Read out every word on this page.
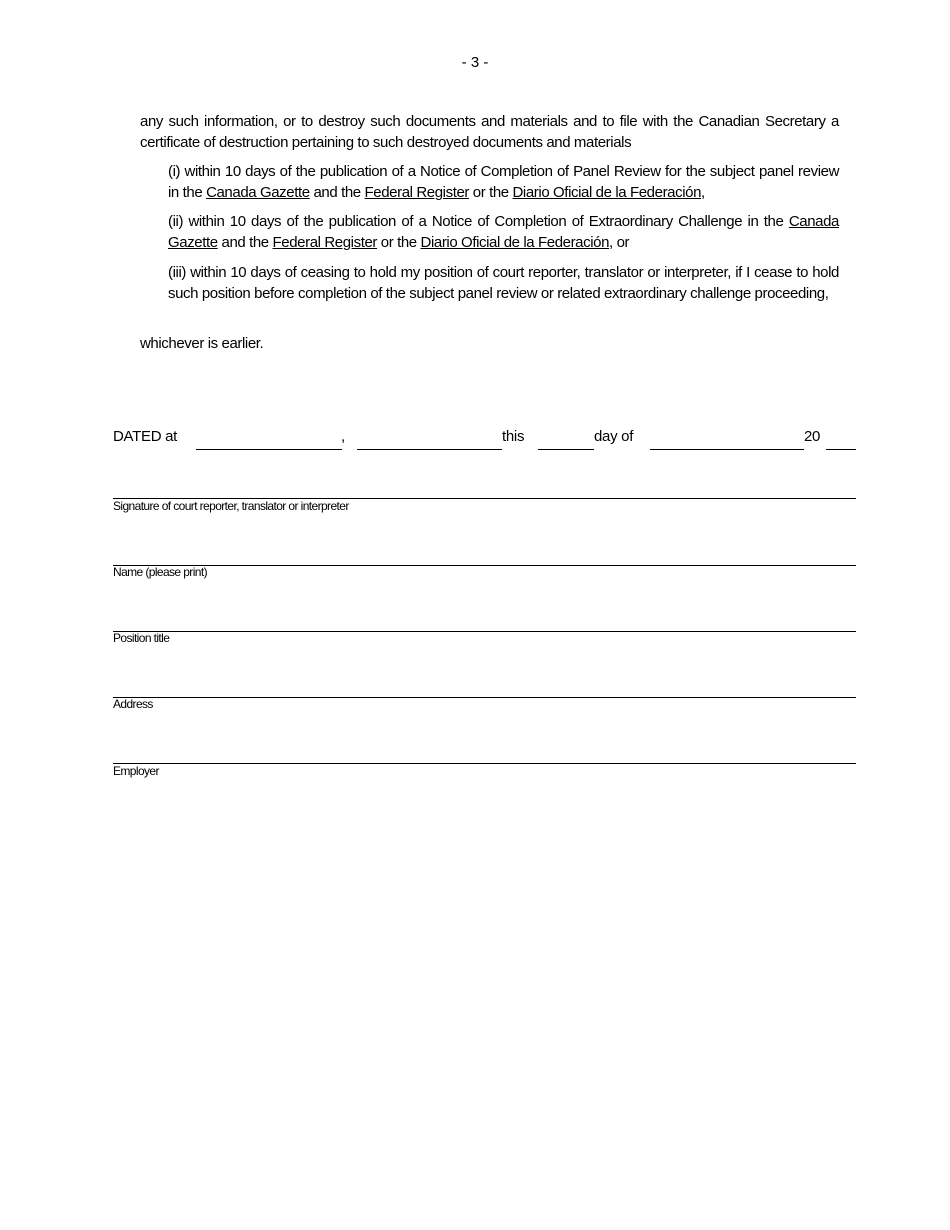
- 3 -
any such information, or to destroy such documents and materials and to file with the Canadian Secretary a certificate of destruction pertaining to such destroyed documents and materials
(i) within 10 days of the publication of a Notice of Completion of Panel Review for the subject panel review in the Canada Gazette and the Federal Register or the Diario Oficial de la Federación,
(ii) within 10 days of the publication of a Notice of Completion of Extraordinary Challenge in the Canada Gazette and the Federal Register or the Diario Oficial de la Federación, or
(iii) within 10 days of ceasing to hold my position of court reporter, translator or interpreter, if I cease to hold such position before completion of the subject panel review or related extraordinary challenge proceeding,
whichever is earlier.
DATED at	,	this	day of	20
Signature of court reporter, translator or interpreter
Name (please print)
Position title
Address
Employer
